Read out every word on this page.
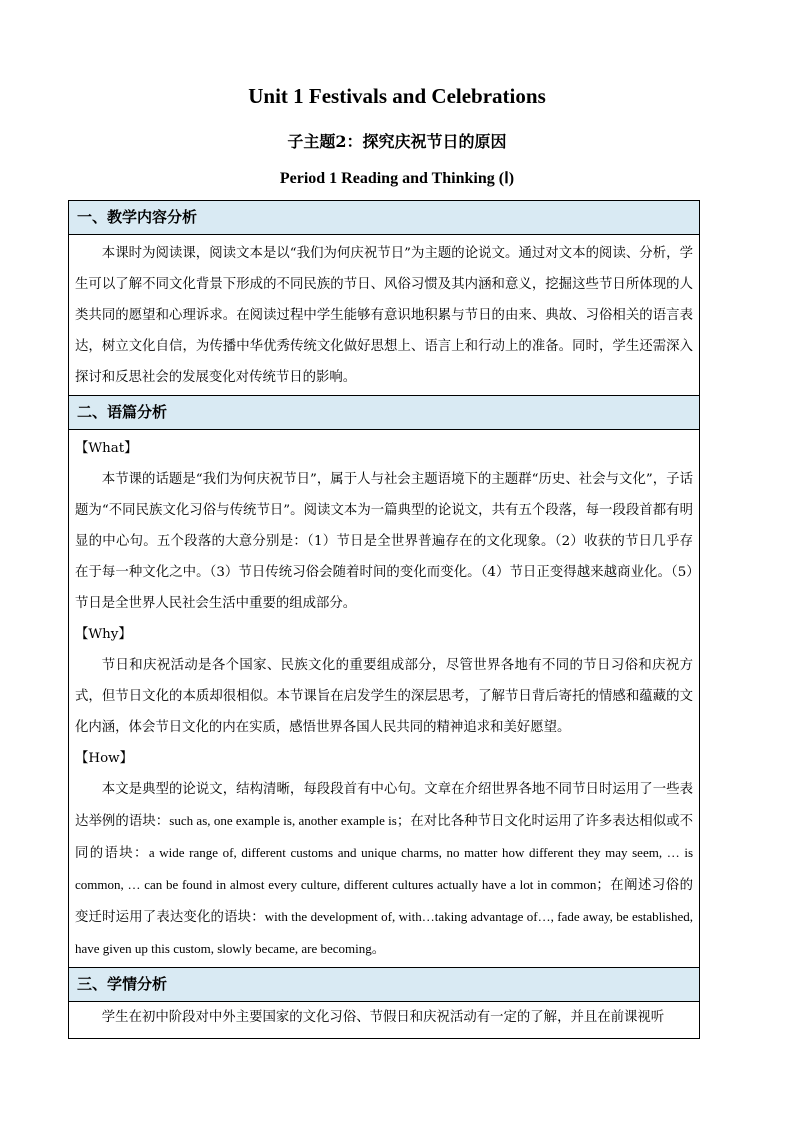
Unit 1 Festivals and Celebrations
子主题2：探究庆祝节日的原因
Period 1 Reading and Thinking (Ⅰ)
一、教学内容分析

本课时为阅读课，阅读文本是以“我们为何庆祝节日”为主题的论说文。通过对文本的阅读、分析，学生可以了解不同文化背景下形成的不同民族的节日、风俗习惯及其内涵和意义，挖掘这些节日所体现的人类共同的愿望和心理诉求。在阅读过程中学生能够有意识地积累与节日的由来、典故、习俗相关的语言表达，树立文化自信，为传播中华优秀传统文化做好思想上、语言上和行动上的准备。同时，学生还需深入探讨和反思社会的发展变化对传统节日的影响。

二、语篇分析

【What】

本节课的话题是“我们为何庆祝节日”，属于人与社会主题语境下的主题群“历史、社会与文化”，子话题为“不同民族文化习俗与传统节日”。阅读文本为一篇典型的论说文，共有五个段落，每一段段首都有明显的中心句。五个段落的大意分别是：（1）节日是全世界普遍存在的文化现象。（2）收获的节日几乎存在于每一种文化之中。（3）节日传统习俗会随着时间的变化而变化。（4）节日正变得越来越商业化。（5）节日是全世界人民社会生活中重要的组成部分。

【Why】

节日和庆祝活动是各个国家、民族文化的重要组成部分，尽管世界各地有不同的节日习俗和庆祝方式，但节日文化的本质却很相似。本节课旨在启发学生的深层思考，了解节日背后寄托的情感和蕴藏的文化内涵，体会节日文化的内在实质，感悟世界各国人民共同的精神追求和美好愿望。

【How】

本文是典型的论说文，结构清晰，每段段首有中心句。文章在介绍世界各地不同节日时运用了一些表达举例的语块：such as, one example is, another example is；在对比各种节日文化时运用了许多表达相似或不同的语块：a wide range of, different customs and unique charms, no matter how different they may seem, … is common, … can be found in almost every culture, different cultures actually have a lot in common；在阐述习俗的变迁时运用了表达变化的语块：with the development of, with…taking advantage of…, fade away, be established, have given up this custom, slowly became, are becoming。

三、学情分析

学生在初中阶段对中外主要国家的文化习俗、节假日和庆祝活动有一定的了解，并且在前课视听
